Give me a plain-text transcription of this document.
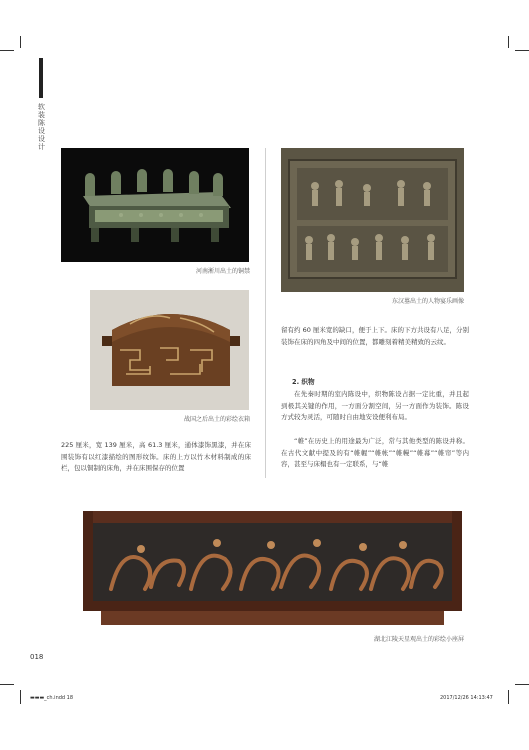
软装陈设设计
河南淅川出土的铜禁
战国之后出土的彩绘衣箱
东汉墓出土的人物宴乐画像

225 厘米，宽 139 厘米，高 61.3 厘米，通体漆饰黑漆，并在床围装饰有以红漆描绘的图形纹饰。床的上方以竹木材料制成的床栏，包以铜制的床角，并在床围保存的位置

留有约 60 厘米宽的缺口，便于上下。床的下方共设有八足，分别装饰在床的四角及中间的位置，都雕刻着精美精致的云纹。

2. 织物

在先秦时期的室内陈设中，织物陈设占据一定比重，并且起到极其关键的作用，一方面分割空间，另一方面作为装饰。陈设方式较为灵活，可随时自由地安设便利布局。

“帷”在历史上的用途最为广泛，常与其他类型的陈设并称。在古代文献中提及的有“帷幄”“帷帐”“帷幔”“帷幕”“帷帘”等内容，甚至与床榻也有一定联系，与“帷

湖北江陵天星观出土的彩绘小座屏
018
▬▬▬_ch.indd 18	2017/12/26 14:13:47
